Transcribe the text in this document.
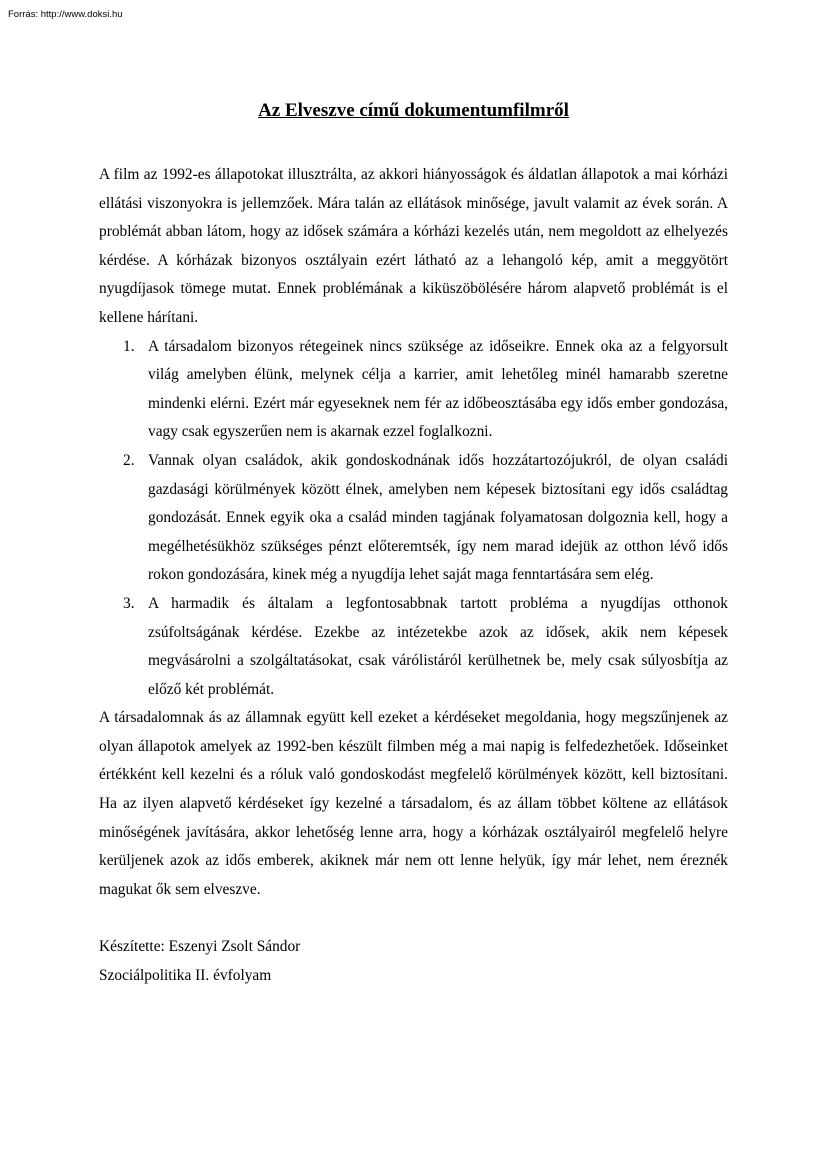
Forrás: http://www.doksi.hu
Az Elveszve című dokumentumfilmről

A film az 1992-es állapotokat illusztrálta, az akkori hiányosságok és áldatlan állapotok a mai kórházi ellátási viszonyokra is jellemzőek. Mára talán az ellátások minősége, javult valamit az évek során. A problémát abban látom, hogy az idősek számára a kórházi kezelés után, nem megoldott az elhelyezés kérdése. A kórházak bizonyos osztályain ezért látható az a lehangoló kép, amit a meggyötört nyugdíjasok tömege mutat. Ennek problémának a kiküszöbölésére három alapvető problémát is el kellene hárítani.

1. A társadalom bizonyos rétegeinek nincs szüksége az időseikre. Ennek oka az a felgyorsult világ amelyben élünk, melynek célja a karrier, amit lehetőleg minél hamarabb szeretne mindenki elérni. Ezért már egyeseknek nem fér az időbeosztásába egy idős ember gondozása, vagy csak egyszerűen nem is akarnak ezzel foglalkozni.
2. Vannak olyan családok, akik gondoskodnának idős hozzátartozójukról, de olyan családi gazdasági körülmények között élnek, amelyben nem képesek biztosítani egy idős családtag gondozását. Ennek egyik oka a család minden tagjának folyamatosan dolgoznia kell, hogy a megélhetésükhöz szükséges pénzt előteremtsék, így nem marad idejük az otthon lévő idős rokon gondozására, kinek még a nyugdíja lehet saját maga fenntartására sem elég.
3. A harmadik és általam a legfontosabbnak tartott probléma a nyugdíjas otthonok zsúfoltságának kérdése. Ezekbe az intézetekbe azok az idősek, akik nem képesek megvásárolni a szolgáltatásokat, csak várólistáról kerülhetnek be, mely csak súlyosbítja az előző két problémát.

A társadalomnak ás az államnak együtt kell ezeket a kérdéseket megoldania, hogy megszűnjenek az olyan állapotok amelyek az 1992-ben készült filmben még a mai napig is felfedezhetőek. Időseinket értékként kell kezelni és a róluk való gondoskodást megfelelő körülmények között, kell biztosítani. Ha az ilyen alapvető kérdéseket így kezelné a társadalom, és az állam többet költene az ellátások minőségének javítására, akkor lehetőség lenne arra, hogy a kórházak osztályairól megfelelő helyre kerüljenek azok az idős emberek, akiknek már nem ott lenne helyük, így már lehet, nem éreznék magukat ők sem elveszve.

Készítette: Eszenyi Zsolt Sándor
Szociálpolitika II. évfolyam
